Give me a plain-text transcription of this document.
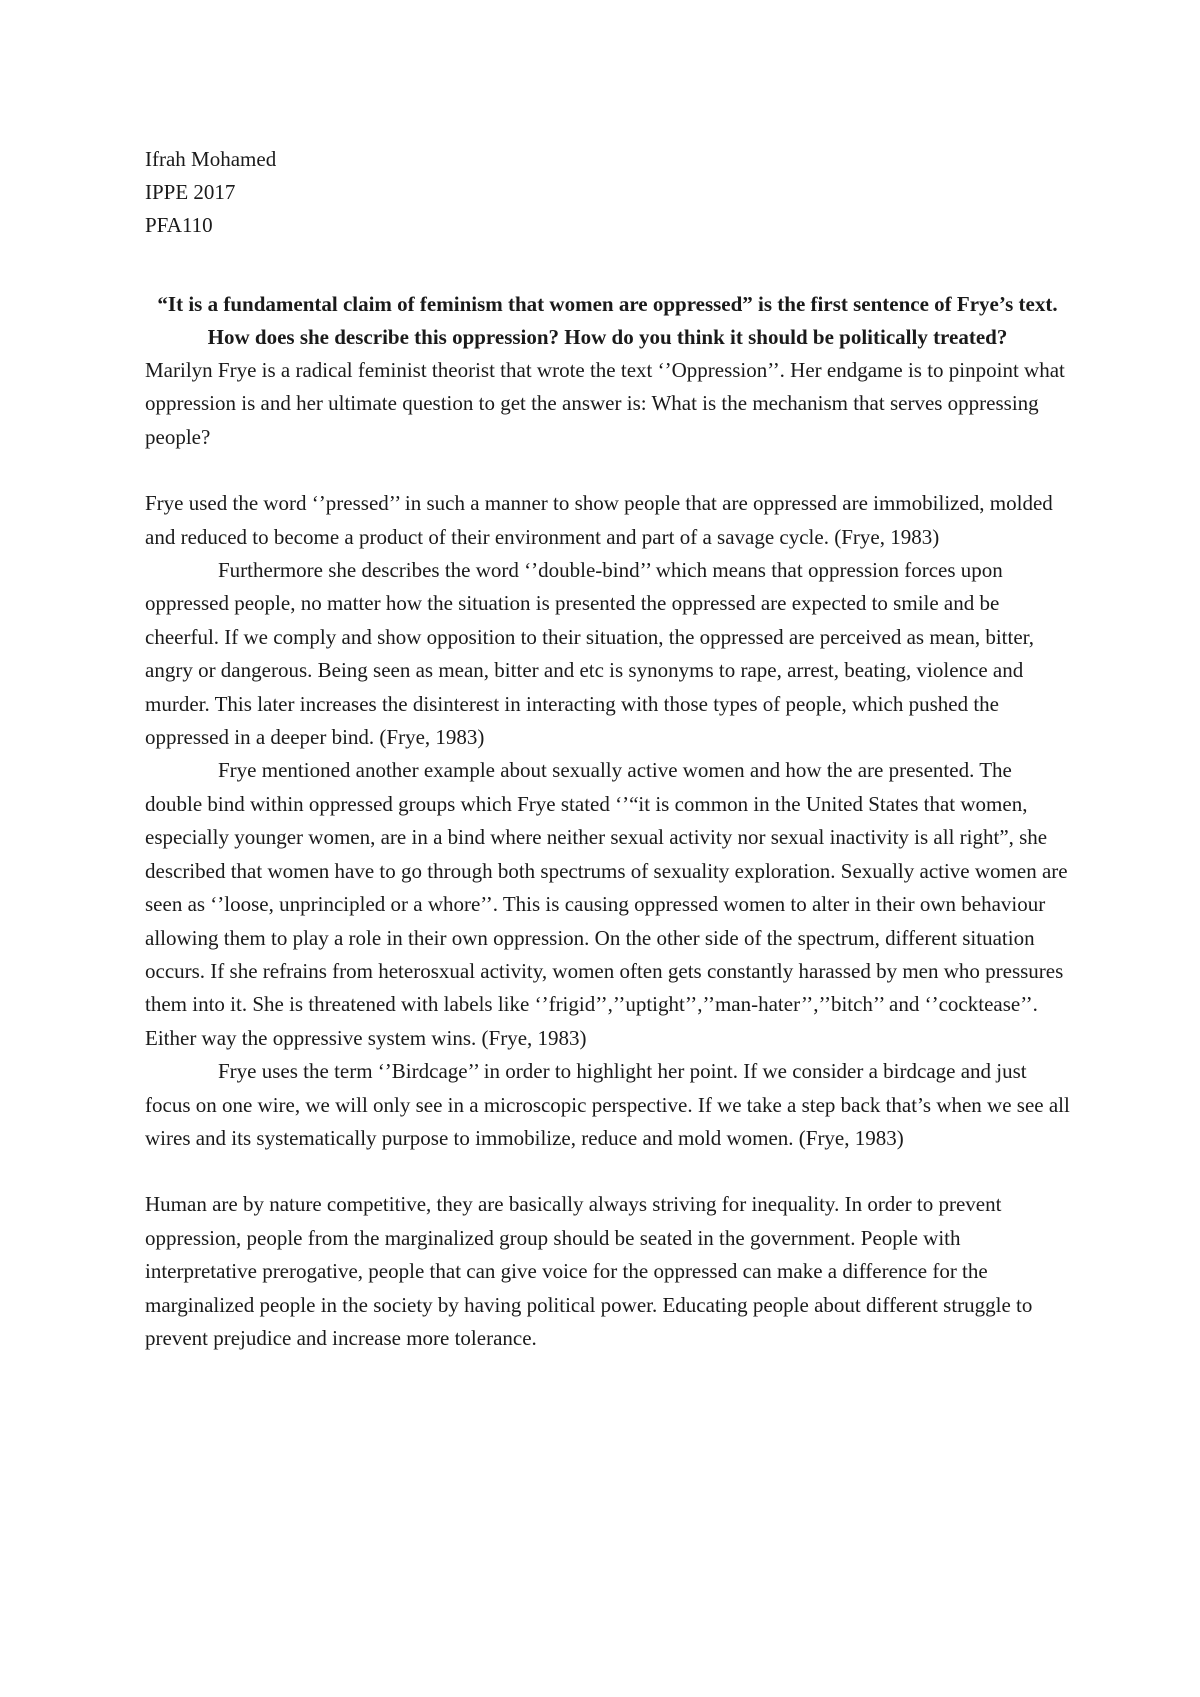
Ifrah Mohamed

IPPE 2017

PFA110

“It is a fundamental claim of feminism that women are oppressed” is the first sentence of Frye’s text. How does she describe this oppression? How do you think it should be politically treated?

Marilyn Frye is a radical feminist theorist that wrote the text ‘’Oppression’’. Her endgame is to pinpoint what oppression is and her ultimate question to get the answer is: What is the mechanism that serves oppressing people?

Frye used the word ‘’pressed’’ in such a manner to show people that are oppressed are immobilized, molded and reduced to become a product of their environment and part of a savage cycle. (Frye, 1983)

Furthermore she describes the word ‘’double-bind’’ which means that oppression forces upon oppressed people, no matter how the situation is presented the oppressed are expected to smile and be cheerful. If we comply and show opposition to their situation, the oppressed are perceived as mean, bitter, angry or dangerous. Being seen as mean, bitter and etc is synonyms to rape, arrest, beating, violence and murder. This later increases the disinterest in interacting with those types of people, which pushed the oppressed in a deeper bind. (Frye, 1983)

Frye mentioned another example about sexually active women and how the are presented. The double bind within oppressed groups which Frye stated ‘’“it is common in the United States that women, especially younger women, are in a bind where neither sexual activity nor sexual inactivity is all right”, she described that women have to go through both spectrums of sexuality exploration. Sexually active women are seen as ‘’loose, unprincipled or a whore’’. This is causing oppressed women to alter in their own behaviour allowing them to play a role in their own oppression. On the other side of the spectrum, different situation occurs. If she refrains from heterosxual activity, women often gets constantly harassed by men who pressures them into it. She is threatened with labels like ‘’frigid’’,’’uptight’’,’’man-hater’’,’’bitch’’ and ‘’cocktease’’. Either way the oppressive system wins. (Frye, 1983)

Frye uses the term ‘’Birdcage’’ in order to highlight her point. If we consider a birdcage and just focus on one wire, we will only see in a microscopic perspective. If we take a step back that’s when we see all wires and its systematically purpose to immobilize, reduce and mold women. (Frye, 1983)

Human are by nature competitive, they are basically always striving for inequality. In order to prevent oppression, people from the marginalized group should be seated in the government. People with interpretative prerogative, people that can give voice for the oppressed can make a difference for the marginalized people in the society by having political power. Educating people about different struggle to prevent prejudice and increase more tolerance.
